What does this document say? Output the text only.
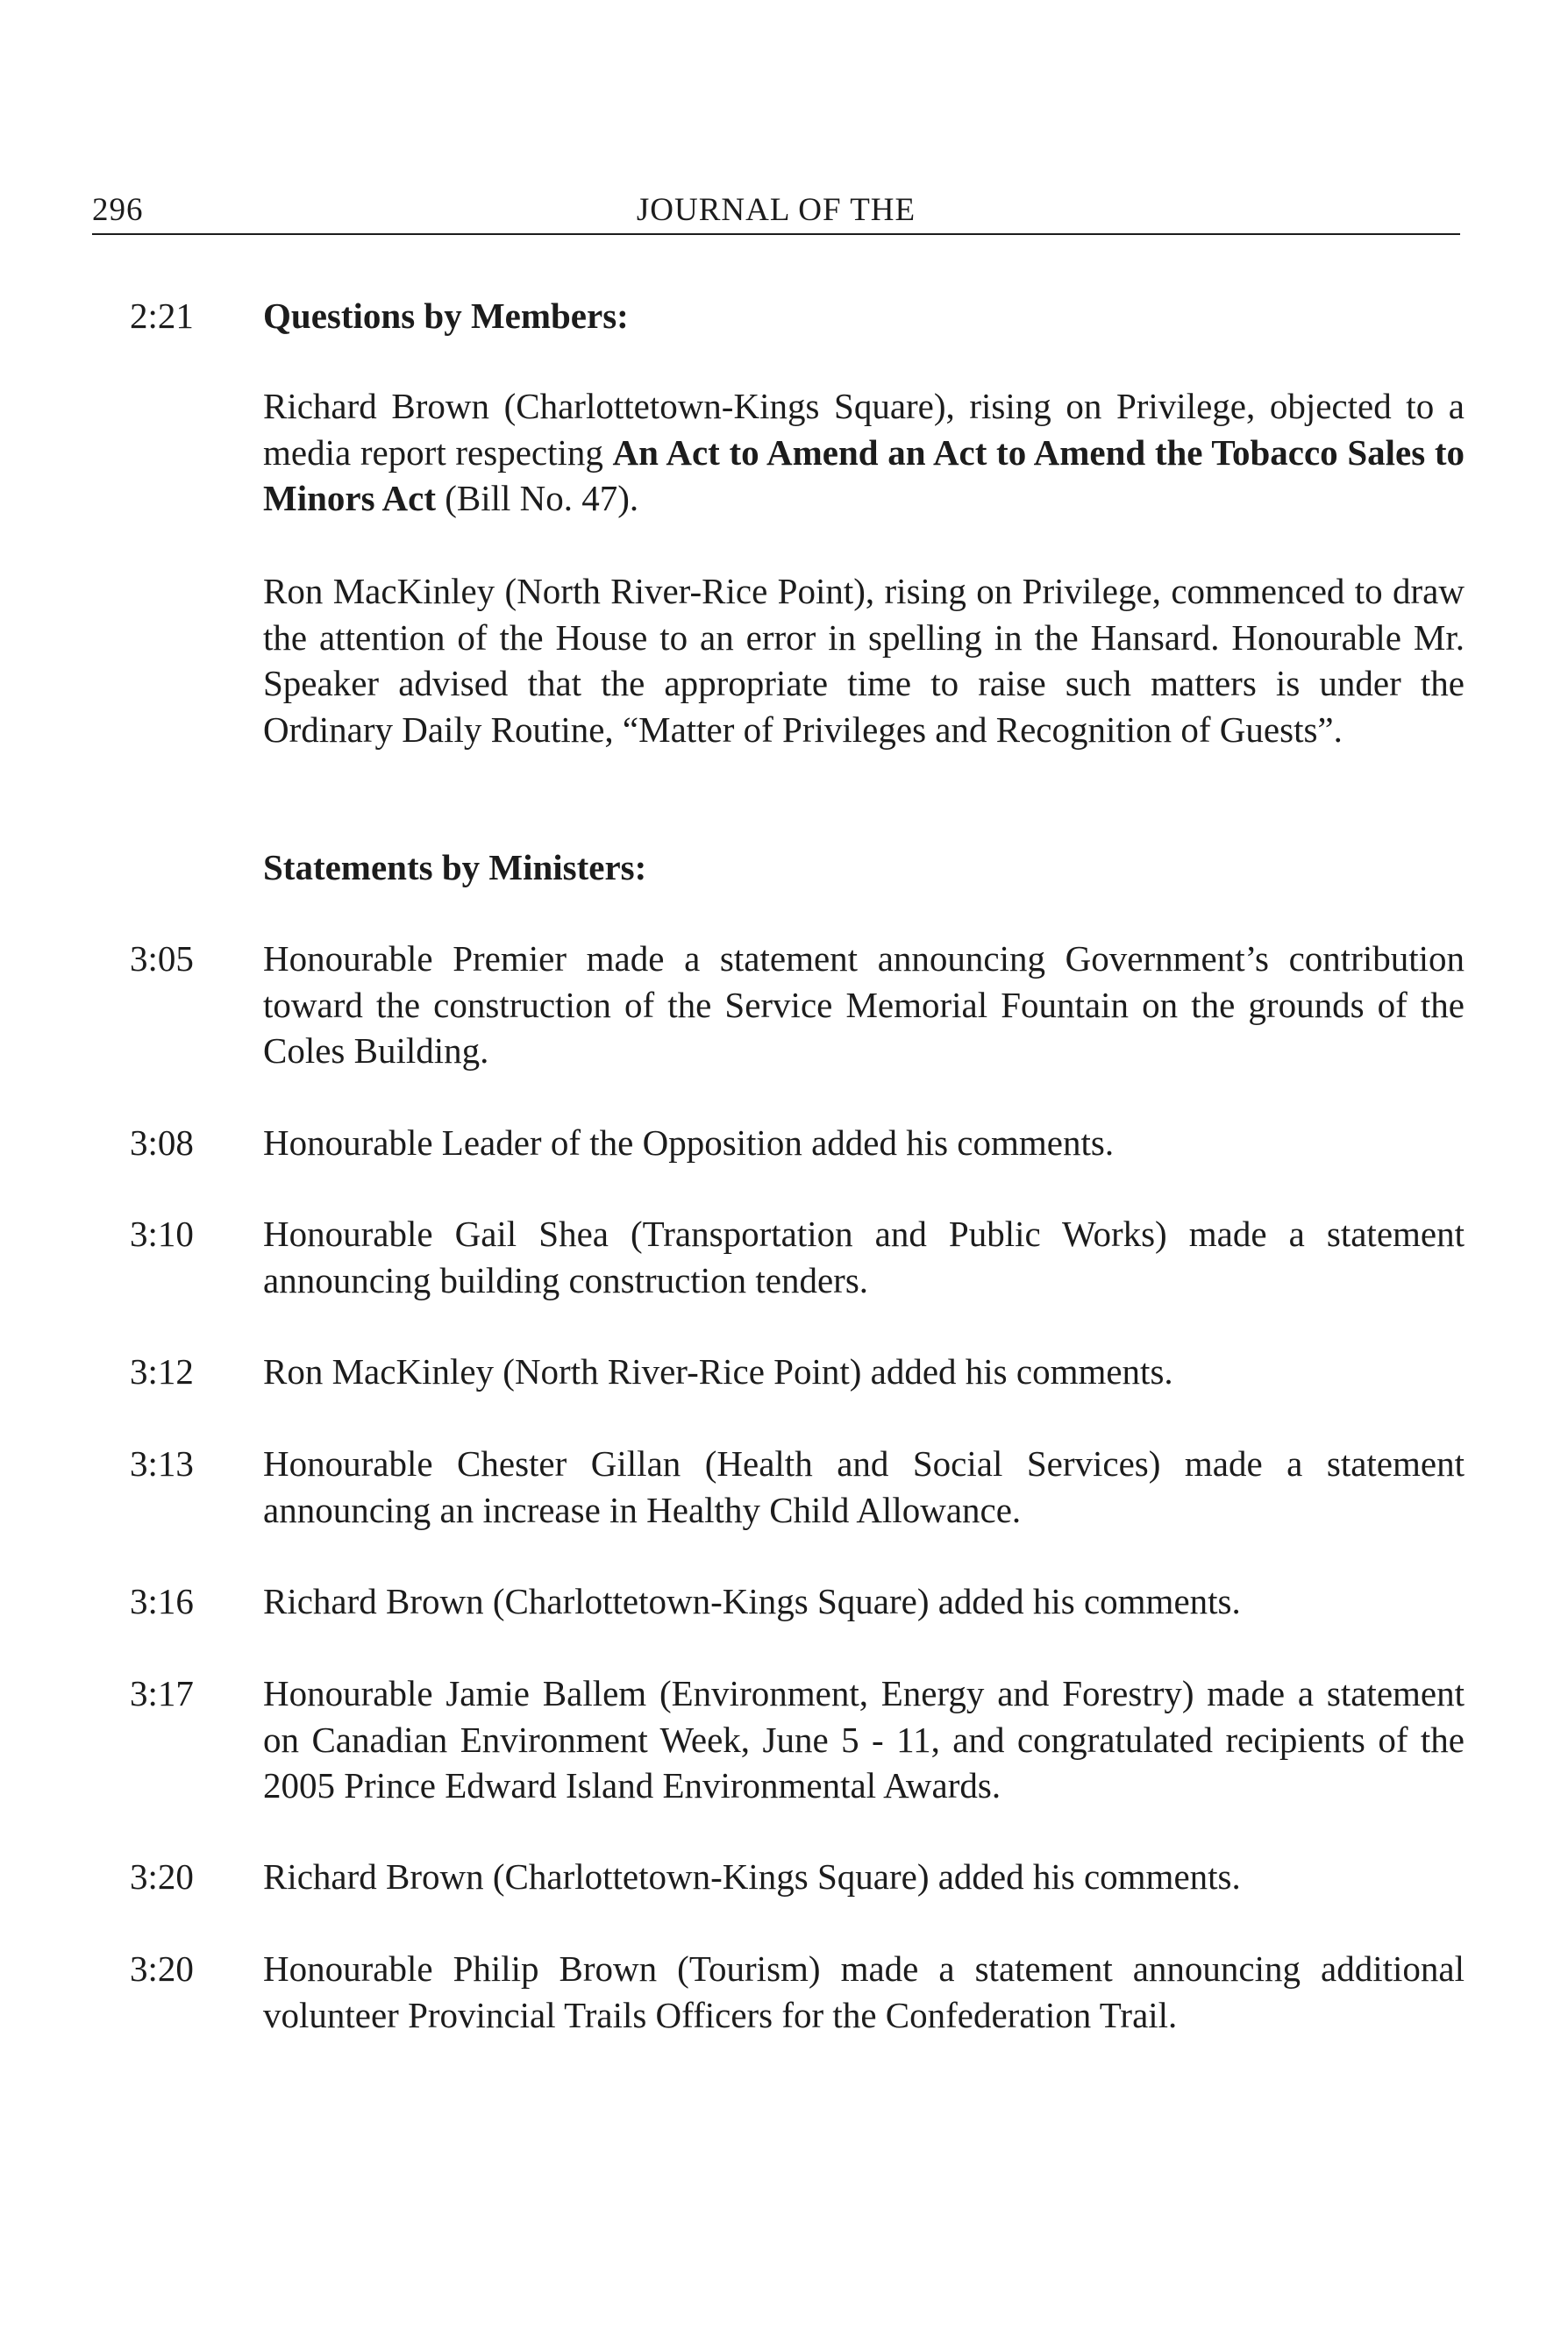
296	JOURNAL OF THE
2:21 Questions by Members:
Richard Brown (Charlottetown-Kings Square), rising on Privilege, objected to a media report respecting An Act to Amend an Act to Amend the Tobacco Sales to Minors Act (Bill No. 47).
Ron MacKinley (North River-Rice Point), rising on Privilege, commenced to draw the attention of the House to an error in spelling in the Hansard. Honourable Mr. Speaker advised that the appropriate time to raise such matters is under the Ordinary Daily Routine, “Matter of Privileges and Recognition of Guests”.
Statements by Ministers:
3:05 Honourable Premier made a statement announcing Government’s contribution toward the construction of the Service Memorial Fountain on the grounds of the Coles Building.
3:08 Honourable Leader of the Opposition added his comments.
3:10 Honourable Gail Shea (Transportation and Public Works) made a statement announcing building construction tenders.
3:12 Ron MacKinley (North River-Rice Point) added his comments.
3:13 Honourable Chester Gillan (Health and Social Services) made a statement announcing an increase in Healthy Child Allowance.
3:16 Richard Brown (Charlottetown-Kings Square) added his comments.
3:17 Honourable Jamie Ballem (Environment, Energy and Forestry) made a statement on Canadian Environment Week, June 5 - 11, and congratulated recipients of the 2005 Prince Edward Island Environmental Awards.
3:20 Richard Brown (Charlottetown-Kings Square) added his comments.
3:20 Honourable Philip Brown (Tourism) made a statement announcing additional volunteer Provincial Trails Officers for the Confederation Trail.
